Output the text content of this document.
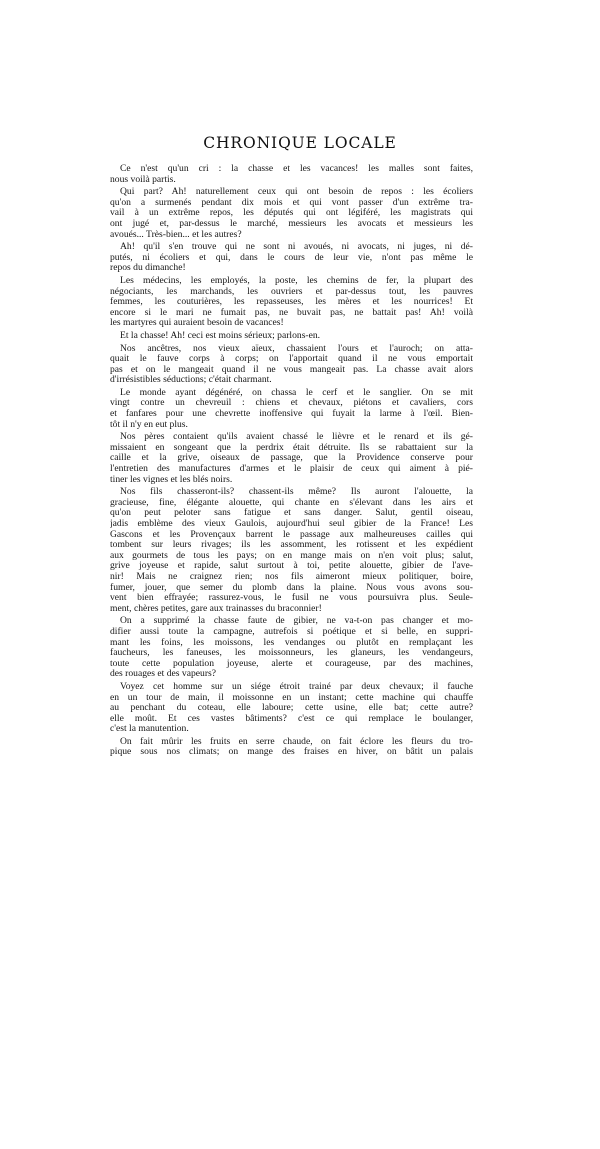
CHRONIQUE LOCALE

Ce n'est qu'un cri : la chasse et les vacances! les malles sont faites,
nous voilà partis.

Qui part? Ah! naturellement ceux qui ont besoin de repos : les écoliers
qu'on a surmenés pendant dix mois et qui vont passer d'un extrême tra-
vail à un extrême repos, les députés qui ont légiféré, les magistrats qui
ont jugé et, par-dessus le marché, messieurs les avocats et messieurs les
avoués... Très-bien... et les autres?

Ah! qu'il s'en trouve qui ne sont ni avoués, ni avocats, ni juges, ni dé-
putés, ni écoliers et qui, dans le cours de leur vie, n'ont pas même le
repos du dimanche!

Les médecins, les employés, la poste, les chemins de fer, la plupart des
négociants, les marchands, les ouvriers et par-dessus tout, les pauvres
femmes, les couturières, les repasseuses, les mères et les nourrices! Et
encore si le mari ne fumait pas, ne buvait pas, ne battait pas! Ah! voilà
les martyres qui auraient besoin de vacances!

Et la chasse! Ah! ceci est moins sérieux; parlons-en.

Nos ancêtres, nos vieux aïeux, chassaient l'ours et l'auroch; on atta-
quait le fauve corps à corps; on l'apportait quand il ne vous emportait
pas et on le mangeait quand il ne vous mangeait pas. La chasse avait alors
d'irrésistibles séductions; c'était charmant.

Le monde ayant dégénéré, on chassa le cerf et le sanglier. On se mit
vingt contre un chevreuil : chiens et chevaux, piétons et cavaliers, cors
et fanfares pour une chevrette inoffensive qui fuyait la larme à l'œil. Bien-
tôt il n'y en eut plus.

Nos pères contaient qu'ils avaient chassé le lièvre et le renard et ils gé-
missaient en songeant que la perdrix était détruite. Ils se rabattaient sur la
caille et la grive, oiseaux de passage, que la Providence conserve pour
l'entretien des manufactures d'armes et le plaisir de ceux qui aiment à pié-
tiner les vignes et les blés noirs.

Nos fils chasseront-ils? chassent-ils même? Ils auront l'alouette, la
gracieuse, fine, élégante alouette, qui chante en s'élevant dans les airs et
qu'on peut peloter sans fatigue et sans danger. Salut, gentil oiseau,
jadis emblème des vieux Gaulois, aujourd'hui seul gibier de la France! Les
Gascons et les Provençaux barrent le passage aux malheureuses cailles qui
tombent sur leurs rivages; ils les assomment, les rotissent et les expédient
aux gourmets de tous les pays; on en mange mais on n'en voit plus; salut,
grive joyeuse et rapide, salut surtout à toi, petite alouette, gibier de l'ave-
nir! Mais ne craignez rien; nos fils aimeront mieux politiquer, boire,
fumer, jouer, que semer du plomb dans la plaine. Nous vous avons sou-
vent bien effrayée; rassurez-vous, le fusil ne vous poursuivra plus. Seule-
ment, chères petites, gare aux trainasses du braconnier!

On a supprimé la chasse faute de gibier, ne va-t-on pas changer et mo-
difier aussi toute la campagne, autrefois si poétique et si belle, en suppri-
mant les foins, les moissons, les vendanges ou plutôt en remplaçant les
faucheurs, les faneuses, les moissonneurs, les glaneurs, les vendangeurs,
toute cette population joyeuse, alerte et courageuse, par des machines,
des rouages et des vapeurs?

Voyez cet homme sur un siége étroit trainé par deux chevaux; il fauche
en un tour de main, il moissonne en un instant; cette machine qui chauffe
au penchant du coteau, elle laboure; cette usine, elle bat; cette autre?
elle moût. Et ces vastes bâtiments? c'est ce qui remplace le boulanger,
c'est la manutention.

On fait mûrir les fruits en serre chaude, on fait éclore les fleurs du tro-
pique sous nos climats; on mange des fraises en hiver, on bâtit un palais
